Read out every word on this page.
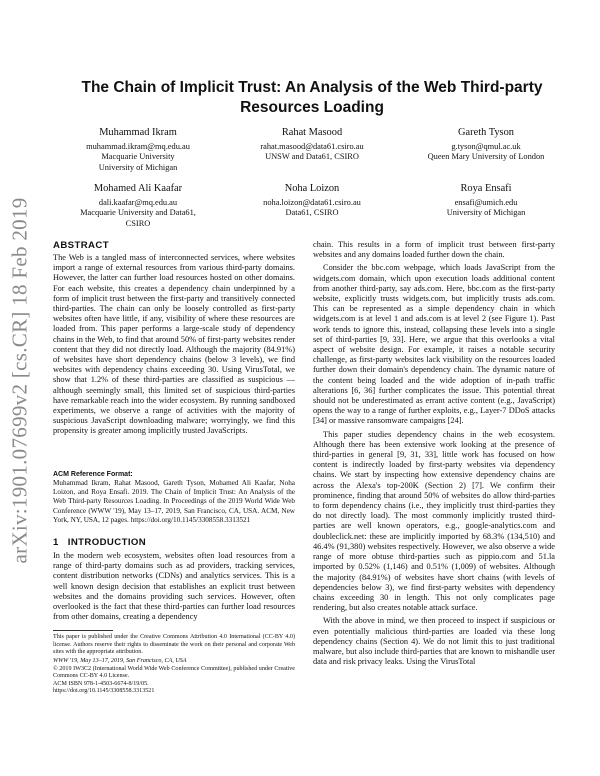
arXiv:1901.07699v2 [cs.CR] 18 Feb 2019
The Chain of Implicit Trust: An Analysis of the Web Third-party Resources Loading
Muhammad Ikram
muhammad.ikram@mq.edu.au
Macquarie University
University of Michigan
Rahat Masood
rahat.masood@data61.csiro.au
UNSW and Data61, CSIRO
Gareth Tyson
g.tyson@qmul.ac.uk
Queen Mary University of London
Mohamed Ali Kaafar
dali.kaafar@mq.edu.au
Macquarie University and Data61,
CSIRO
Noha Loizon
noha.loizon@data61.csiro.au
Data61, CSIRO
Roya Ensafi
ensafi@umich.edu
University of Michigan
ABSTRACT

The Web is a tangled mass of interconnected services, where websites import a range of external resources from various third-party domains. However, the latter can further load resources hosted on other domains. For each website, this creates a dependency chain underpinned by a form of implicit trust between the first-party and transitively connected third-parties. The chain can only be loosely controlled as first-party websites often have little, if any, visibility of where these resources are loaded from. This paper performs a large-scale study of dependency chains in the Web, to find that around 50% of first-party websites render content that they did not directly load. Although the majority (84.91%) of websites have short dependency chains (below 3 levels), we find websites with dependency chains exceeding 30. Using VirusTotal, we show that 1.2% of these third-parties are classified as suspicious — although seemingly small, this limited set of suspicious third-parties have remarkable reach into the wider ecosystem. By running sandboxed experiments, we observe a range of activities with the majority of suspicious JavaScript downloading malware; worryingly, we find this propensity is greater among implicitly trusted JavaScripts.

ACM Reference Format:

Muhammad Ikram, Rahat Masood, Gareth Tyson, Mohamed Ali Kaafar, Noha Loizon, and Roya Ensafi. 2019. The Chain of Implicit Trust: An Analysis of the Web Third-party Resources Loading. In Proceedings of the 2019 World Wide Web Conference (WWW '19), May 13–17, 2019, San Francisco, CA, USA. ACM, New York, NY, USA, 12 pages. https://doi.org/10.1145/3308558.3313521

1 INTRODUCTION

In the modern web ecosystem, websites often load resources from a range of third-party domains such as ad providers, tracking services, content distribution networks (CDNs) and analytics services. This is a well known design decision that establishes an explicit trust between websites and the domains providing such services. However, often overlooked is the fact that these third-parties can further load resources from other domains, creating a dependency

This paper is published under the Creative Commons Attribution 4.0 International (CC-BY 4.0) license. Authors reserve their rights to disseminate the work on their personal and corporate Web sites with the appropriate attribution.

WWW '19, May 13–17, 2019, San Francisco, CA, USA

© 2019 IW3C2 (International World Wide Web Conference Committee), published under Creative Commons CC-BY 4.0 License.

ACM ISBN 978-1-4503-6674-8/19/05.

https://doi.org/10.1145/3308558.3313521

chain. This results in a form of implicit trust between first-party websites and any domains loaded further down the chain.

Consider the bbc.com webpage, which loads JavaScript from the widgets.com domain, which upon execution loads additional content from another third-party, say ads.com. Here, bbc.com as the first-party website, explicitly trusts widgets.com, but implicitly trusts ads.com. This can be represented as a simple dependency chain in which widgets.com is at level 1 and ads.com is at level 2 (see Figure 1). Past work tends to ignore this, instead, collapsing these levels into a single set of third-parties [9, 33]. Here, we argue that this overlooks a vital aspect of website design. For example, it raises a notable security challenge, as first-party websites lack visibility on the resources loaded further down their domain's dependency chain. The dynamic nature of the content being loaded and the wide adoption of in-path traffic alterations [6, 36] further complicates the issue. This potential threat should not be underestimated as errant active content (e.g., JavaScript) opens the way to a range of further exploits, e.g., Layer-7 DDoS attacks [34] or massive ransomware campaigns [24].

This paper studies dependency chains in the web ecosystem. Although there has been extensive work looking at the presence of third-parties in general [9, 31, 33], little work has focused on how content is indirectly loaded by first-party websites via dependency chains. We start by inspecting how extensive dependency chains are across the Alexa's top-200K (Section 2) [7]. We confirm their prominence, finding that around 50% of websites do allow third-parties to form dependency chains (i.e., they implicitly trust third-parties they do not directly load). The most commonly implicitly trusted third-parties are well known operators, e.g., google-analytics.com and doubleclick.net: these are implicitly imported by 68.3% (134,510) and 46.4% (91,380) websites respectively. However, we also observe a wide range of more obtuse third-parties such as pippio.com and 51.la imported by 0.52% (1,146) and 0.51% (1,009) of websites. Although the majority (84.91%) of websites have short chains (with levels of dependencies below 3), we find first-party websites with dependency chains exceeding 30 in length. This not only complicates page rendering, but also creates notable attack surface.

With the above in mind, we then proceed to inspect if suspicious or even potentially malicious third-parties are loaded via these long dependency chains (Section 4). We do not limit this to just traditional malware, but also include third-parties that are known to mishandle user data and risk privacy leaks. Using the VirusTotal
